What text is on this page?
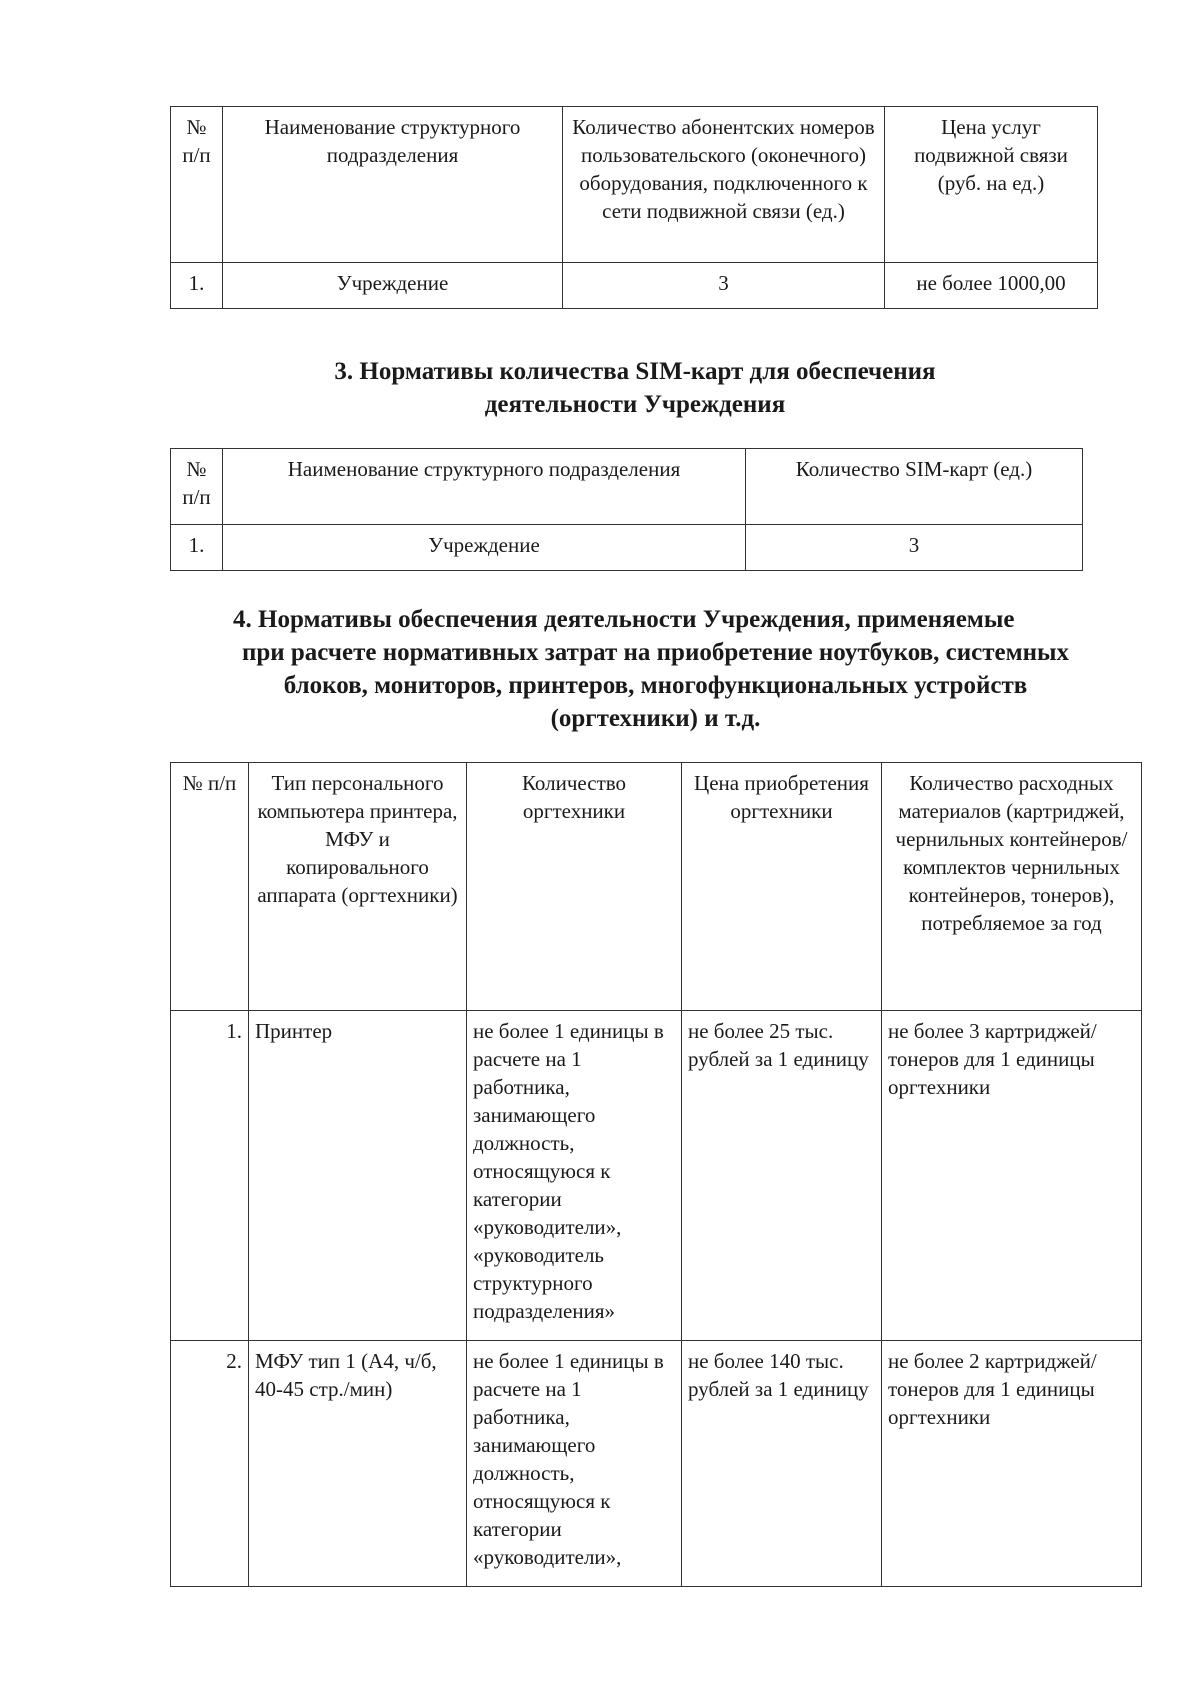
№ п/п	Наименование структурного подразделения	Количество абонентских номеров пользовательского (оконечного) оборудования, подключенного к сети подвижной связи (ед.)	Цена услуг подвижной связи (руб. на ед.)
1.	Учреждение	3	не более 1000,00
3. Нормативы количества SIM-карт для обеспечения
деятельности Учреждения
№ п/п	Наименование структурного подразделения	Количество SIM-карт (ед.)
1.	Учреждение	3
4. Нормативы обеспечения деятельности Учреждения, применяемые
при расчете нормативных затрат на приобретение ноутбуков, системных
блоков, мониторов, принтеров, многофункциональных устройств
(оргтехники) и т.д.
№ п/п	Тип персонального компьютера принтера, МФУ и копировального аппарата (оргтехники)	Количество оргтехники	Цена приобретения оргтехники	Количество расходных материалов (картриджей, чернильных контейнеров/комплектов чернильных контейнеров, тонеров), потребляемое за год
1.	Принтер	не более 1 единицы в расчете на 1 работника, занимающего должность, относящуюся к категории «руководители», «руководитель структурного подразделения»	не более 25 тыс. рублей за 1 единицу	не более 3 картриджей/тонеров для 1 единицы оргтехники
2.	МФУ тип 1 (А4, ч/б, 40-45 стр./мин)	не более 1 единицы в расчете на 1 работника, занимающего должность, относящуюся к категории «руководители»,	не более 140 тыс. рублей за 1 единицу	не более 2 картриджей/тонеров для 1 единицы оргтехники
